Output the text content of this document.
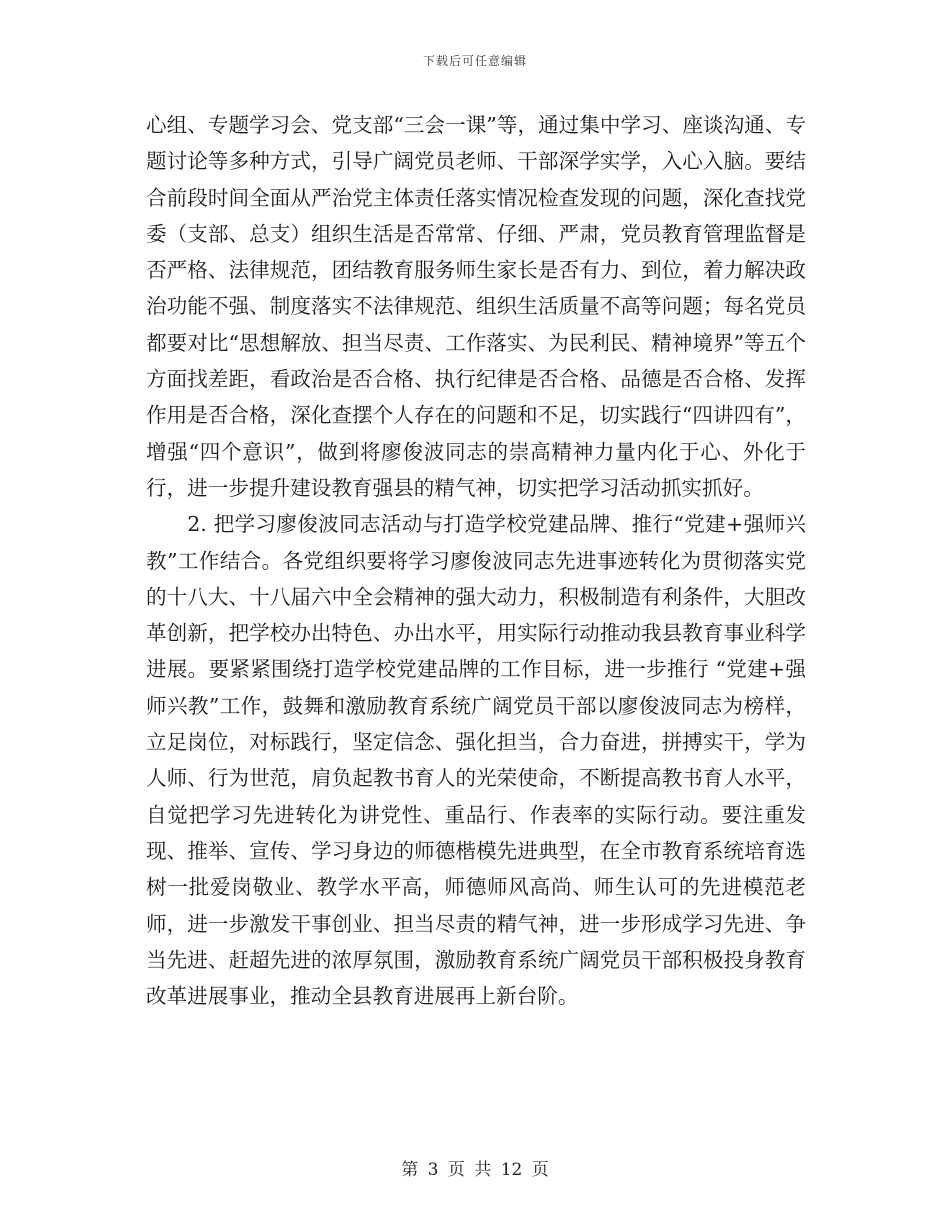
下载后可任意编辑

心组、专题学习会、党支部“三会一课”等，通过集中学习、座谈沟通、专题讨论等多种方式，引导广阔党员老师、干部深学实学，入心入脑。要结合前段时间全面从严治党主体责任落实情况检查发现的问题，深化查找党委（支部、总支）组织生活是否常常、仔细、严肃，党员教育管理监督是否严格、法律规范，团结教育服务师生家长是否有力、到位，着力解决政治功能不强、制度落实不法律规范、组织生活质量不高等问题；每名党员都要对比“思想解放、担当尽责、工作落实、为民利民、精神境界”等五个方面找差距，看政治是否合格、执行纪律是否合格、品德是否合格、发挥作用是否合格，深化查摆个人存在的问题和不足，切实践行“四讲四有”，增强“四个意识”，做到将廖俊波同志的崇高精神力量内化于心、外化于行，进一步提升建设教育强县的精气神，切实把学习活动抓实抓好。

2. 把学习廖俊波同志活动与打造学校党建品牌、推行“党建+强师兴教”工作结合。各党组织要将学习廖俊波同志先进事迹转化为贯彻落实党的十八大、十八届六中全会精神的强大动力，积极制造有利条件，大胆改革创新，把学校办出特色、办出水平，用实际行动推动我县教育事业科学进展。要紧紧围绕打造学校党建品牌的工作目标，进一步推行 “党建+强师兴教”工作，鼓舞和激励教育系统广阔党员干部以廖俊波同志为榜样，立足岗位，对标践行，坚定信念、强化担当，合力奋进，拼搏实干，学为人师、行为世范，肩负起教书育人的光荣使命，不断提高教书育人水平，自觉把学习先进转化为讲党性、重品行、作表率的实际行动。要注重发现、推举、宣传、学习身边的师德楷模先进典型，在全市教育系统培育选树一批爱岗敬业、教学水平高，师德师风高尚、师生认可的先进模范老师，进一步激发干事创业、担当尽责的精气神，进一步形成学习先进、争当先进、赶超先进的浓厚氛围，激励教育系统广阔党员干部积极投身教育改革进展事业，推动全县教育进展再上新台阶。

第 3 页 共 12 页
